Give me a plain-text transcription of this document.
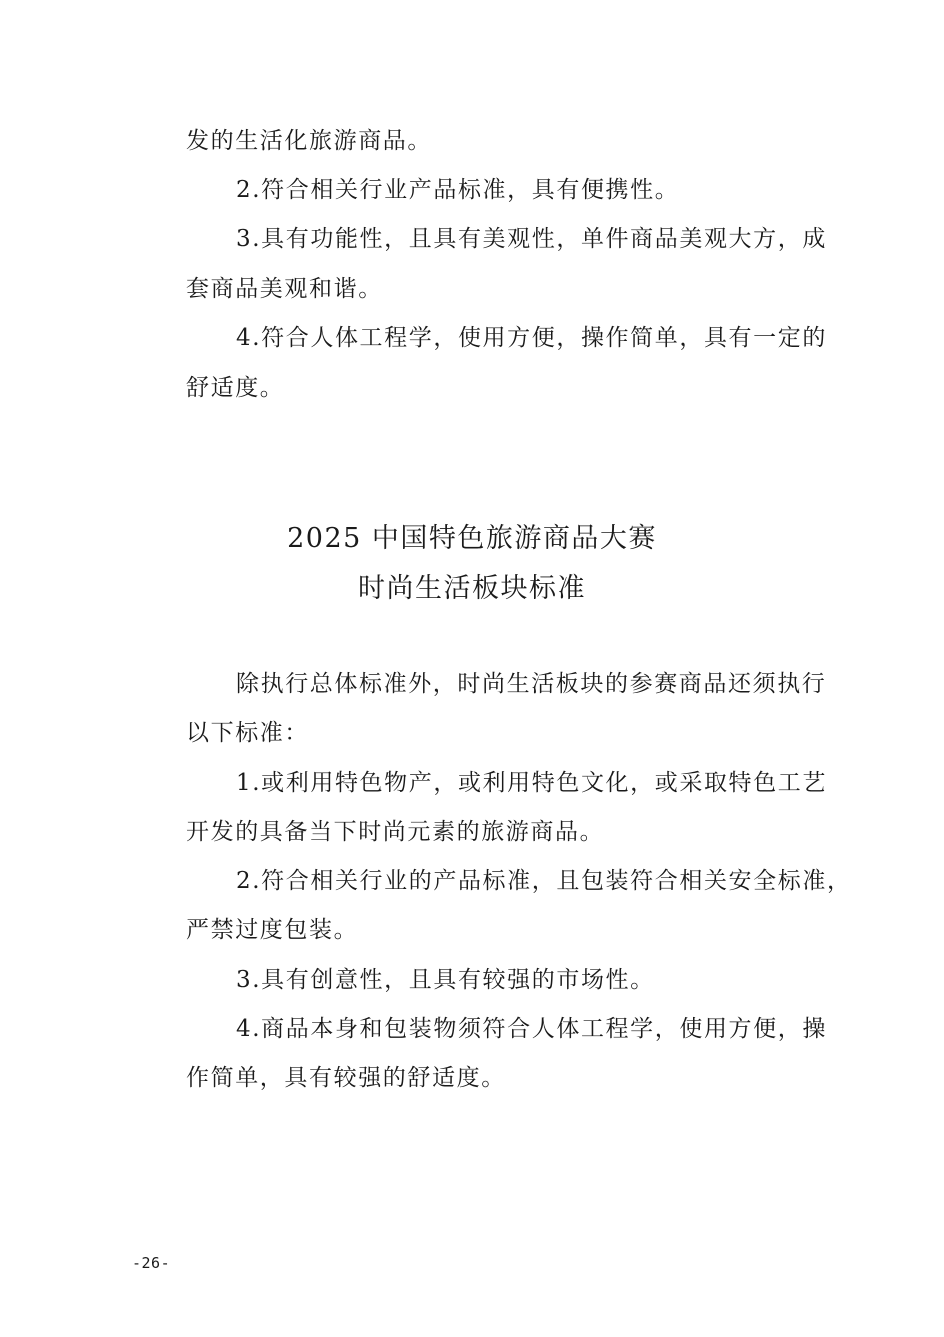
发的生活化旅游商品。

2.符合相关行业产品标准，具有便携性。

3.具有功能性，且具有美观性，单件商品美观大方，成

套商品美观和谐。

4.符合人体工程学，使用方便，操作简单，具有一定的

舒适度。

2025 中国特色旅游商品大赛
时尚生活板块标准

除执行总体标准外，时尚生活板块的参赛商品还须执行

以下标准：

1.或利用特色物产，或利用特色文化，或采取特色工艺

开发的具备当下时尚元素的旅游商品。

2.符合相关行业的产品标准，且包装符合相关安全标准，

严禁过度包装。

3.具有创意性，且具有较强的市场性。

4.商品本身和包装物须符合人体工程学，使用方便，操

作简单，具有较强的舒适度。

-26-
